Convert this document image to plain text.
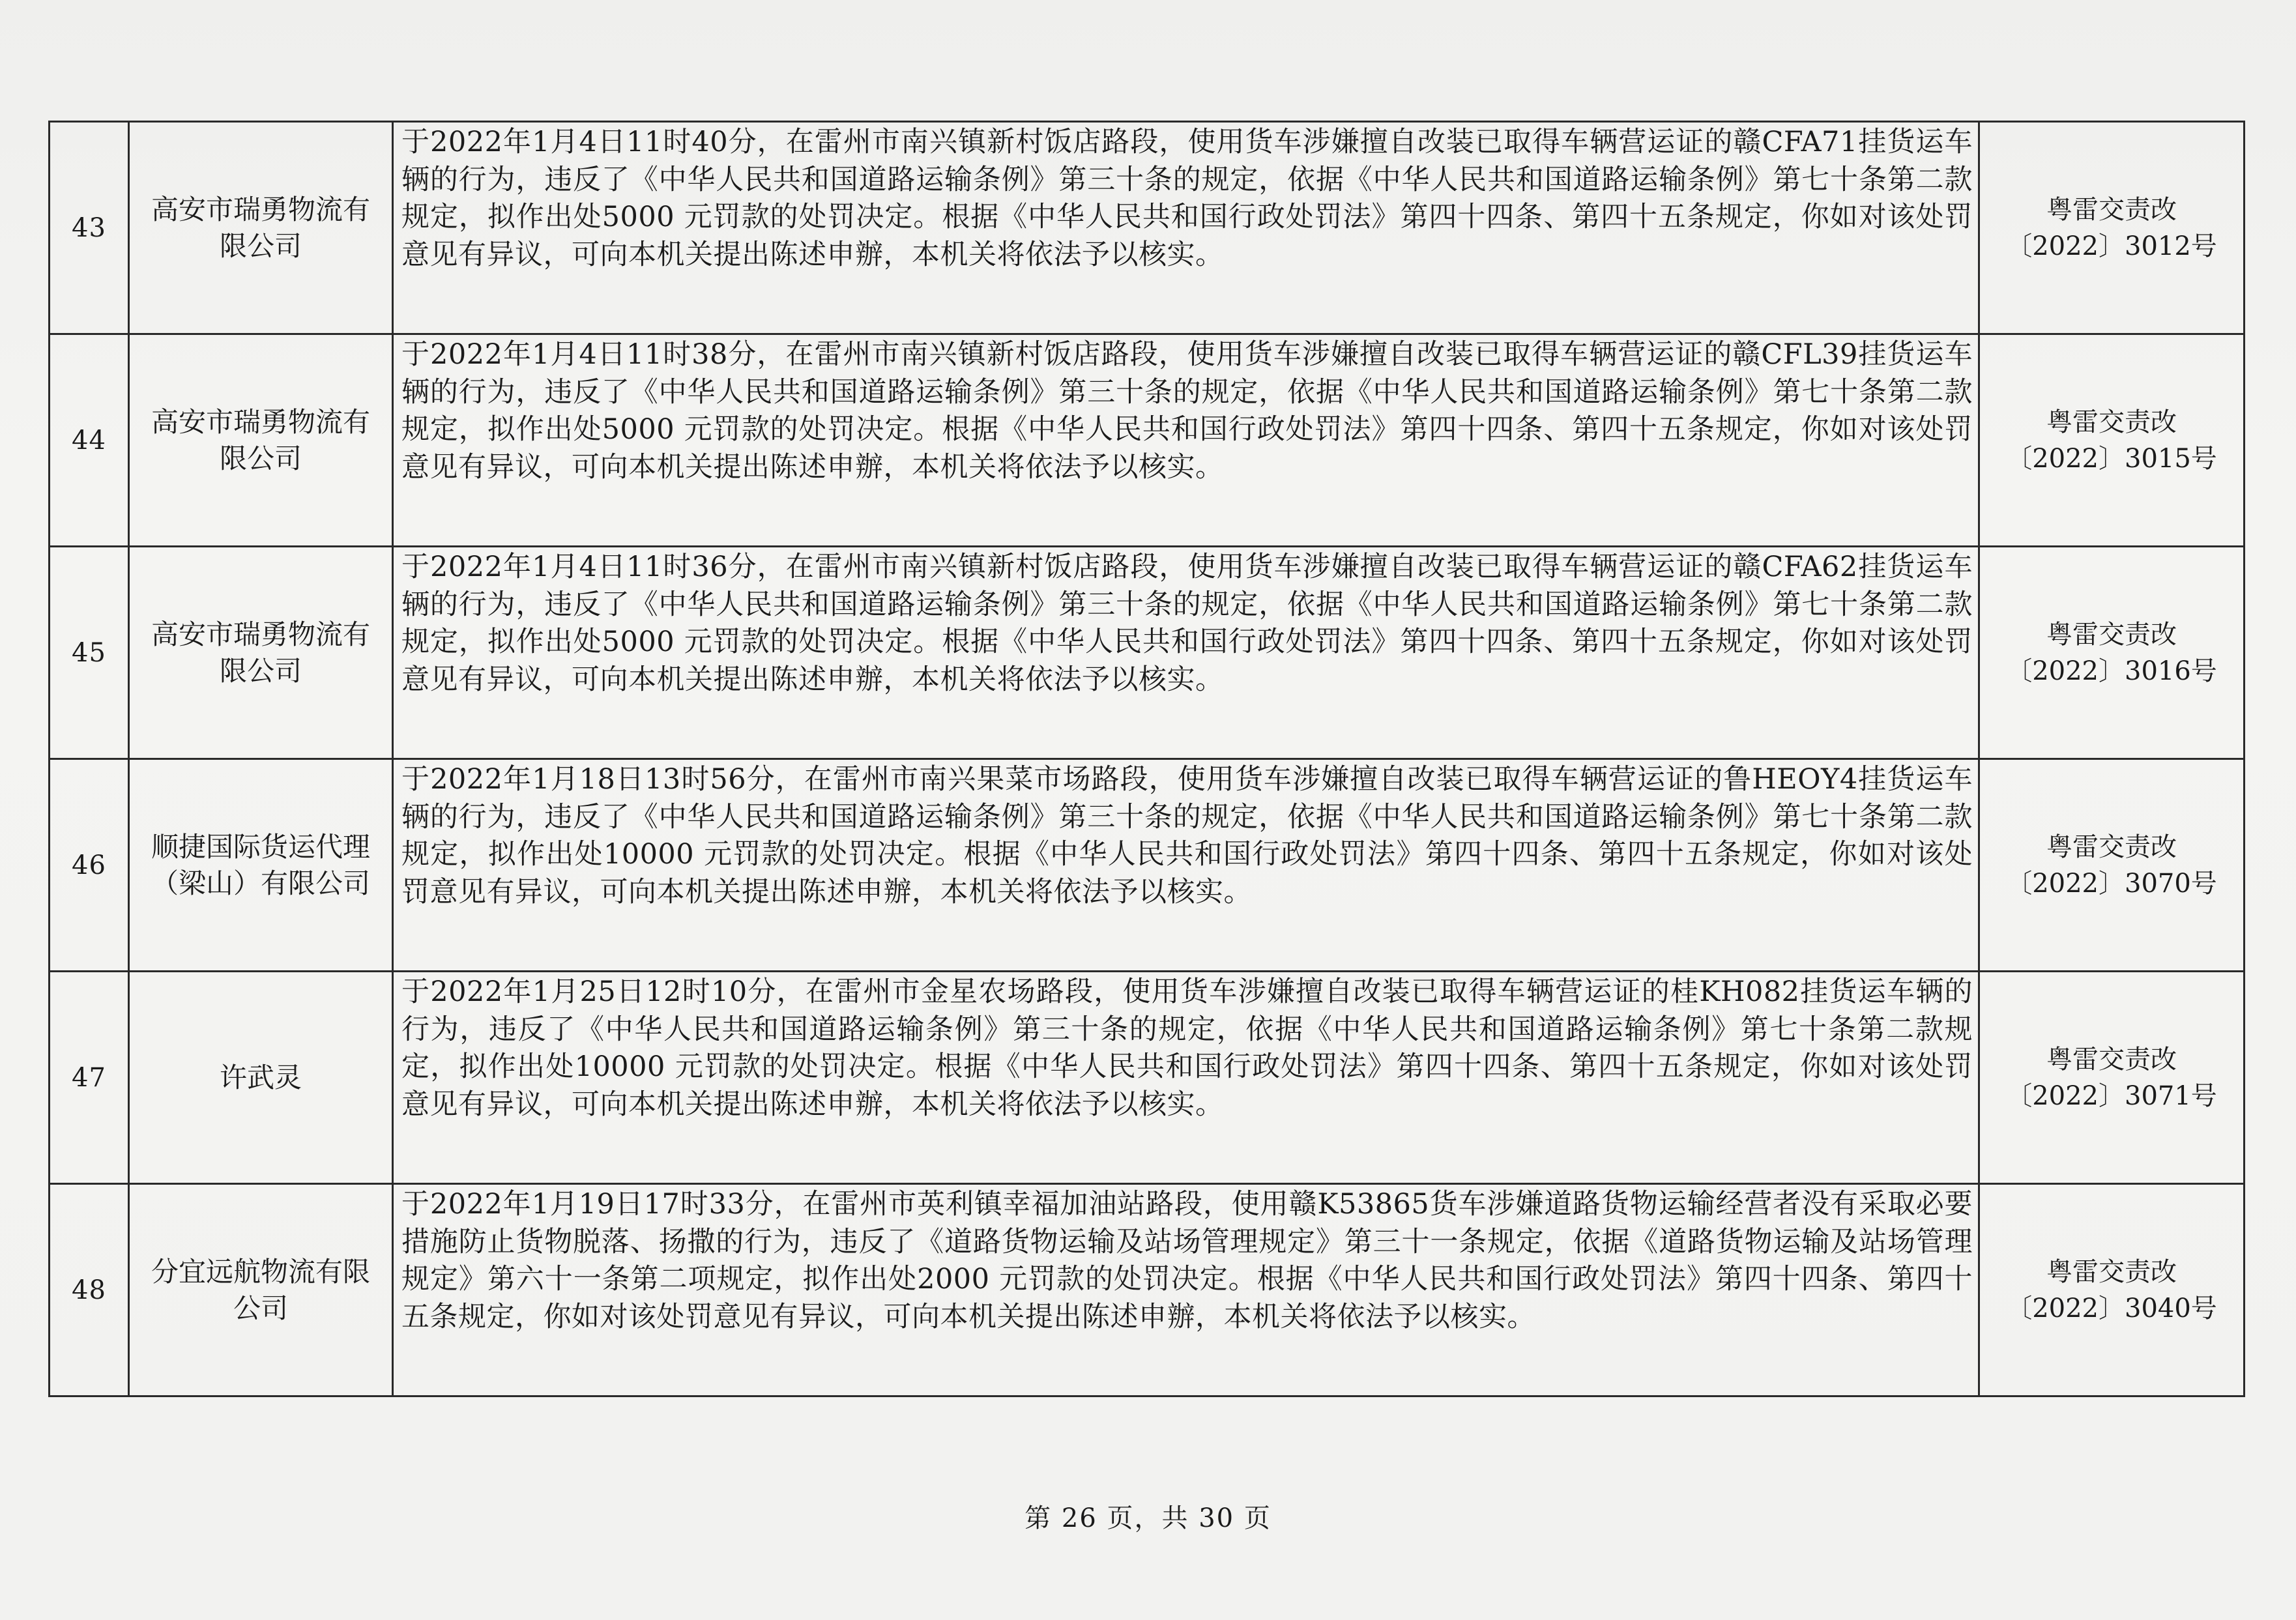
43	高安市瑞勇物流有限公司	于2022年1月4日11时40分，在雷州市南兴镇新村饭店路段，使用货车涉嫌擅自改装已取得车辆营运证的赣CFA71挂货运车辆的行为，违反了《中华人民共和国道路运输条例》第三十条的规定，依据《中华人民共和国道路运输条例》第七十条第二款规定，拟作出处5000 元罚款的处罚决定。根据《中华人民共和国行政处罚法》第四十四条、第四十五条规定，你如对该处罚意见有异议，可向本机关提出陈述申辦，本机关将依法予以核实。	粤雷交责改
〔2022〕3012号

44	高安市瑞勇物流有限公司	于2022年1月4日11时38分，在雷州市南兴镇新村饭店路段，使用货车涉嫌擅自改装已取得车辆营运证的赣CFL39挂货运车辆的行为，违反了《中华人民共和国道路运输条例》第三十条的规定，依据《中华人民共和国道路运输条例》第七十条第二款规定，拟作出处5000 元罚款的处罚决定。根据《中华人民共和国行政处罚法》第四十四条、第四十五条规定，你如对该处罚意见有异议，可向本机关提出陈述申辦，本机关将依法予以核实。	粤雷交责改
〔2022〕3015号

45	高安市瑞勇物流有限公司	于2022年1月4日11时36分，在雷州市南兴镇新村饭店路段，使用货车涉嫌擅自改装已取得车辆营运证的赣CFA62挂货运车辆的行为，违反了《中华人民共和国道路运输条例》第三十条的规定，依据《中华人民共和国道路运输条例》第七十条第二款规定，拟作出处5000 元罚款的处罚决定。根据《中华人民共和国行政处罚法》第四十四条、第四十五条规定，你如对该处罚意见有异议，可向本机关提出陈述申辦，本机关将依法予以核实。	粤雷交责改
〔2022〕3016号

46	顺捷国际货运代理（梁山）有限公司	于2022年1月18日13时56分，在雷州市南兴果菜市场路段，使用货车涉嫌擅自改装已取得车辆营运证的鲁HEOY4挂货运车辆的行为，违反了《中华人民共和国道路运输条例》第三十条的规定，依据《中华人民共和国道路运输条例》第七十条第二款规定，拟作出处10000 元罚款的处罚决定。根据《中华人民共和国行政处罚法》第四十四条、第四十五条规定，你如对该处罚意见有异议，可向本机关提出陈述申辦，本机关将依法予以核实。	粤雷交责改
〔2022〕3070号

47	许武灵	于2022年1月25日12时10分，在雷州市金星农场路段，使用货车涉嫌擅自改装已取得车辆营运证的桂KH082挂货运车辆的行为，违反了《中华人民共和国道路运输条例》第三十条的规定，依据《中华人民共和国道路运输条例》第七十条第二款规定，拟作出处10000 元罚款的处罚决定。根据《中华人民共和国行政处罚法》第四十四条、第四十五条规定，你如对该处罚意见有异议，可向本机关提出陈述申辦，本机关将依法予以核实。	粤雷交责改
〔2022〕3071号

48	分宜远航物流有限公司	于2022年1月19日17时33分，在雷州市英利镇幸福加油站路段，使用赣K53865货车涉嫌道路货物运输经营者没有采取必要措施防止货物脱落、扬撒的行为，违反了《道路货物运输及站场管理规定》第三十一条规定，依据《道路货物运输及站场管理规定》第六十一条第二项规定，拟作出处2000 元罚款的处罚决定。根据《中华人民共和国行政处罚法》第四十四条、第四十五条规定，你如对该处罚意见有异议，可向本机关提出陈述申辦，本机关将依法予以核实。	粤雷交责改
〔2022〕3040号
第 26 页，共 30 页
